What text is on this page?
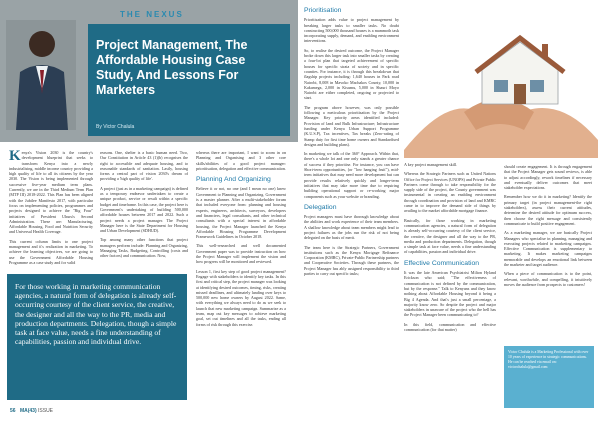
THE NEXUS
Project Management, The Affordable Housing Case Study, And Lessons For Marketers
By Victor Chalula

Kenya's Vision 2030 is the country's development blueprint that seeks to transform Kenya into a newly industrialising, middle income country providing a high quality of life to all its citizens by the year 2030. The Vision is being implemented through successive five-year medium term plans. Currently, we are in the Third Medium Term Plan (MTP III) 2018-2022. This Plan has been aligned with the Jubilee Manifesto 2017, with particular focus on implementing policies, programmes and projects designed to achieve the "Big Four" initiatives of President Uhuru's Second Administration. These are: Manufacturing, Affordable Housing, Food and Nutrition Security and Universal Health Coverage.

This current column limits to one project management and it's realization in marketing. To achieve the learning objectives, we are going to use the Government Affordable Housing Programme as a case study and for valid

reasons. One, shelter is a basic human need. Two, Our Constitution in Article 43 (1)(b) recognises the right to accessible and adequate housing, and to reasonable standards of sanitation. Lastly, housing forms a central part of vision 2030's dream of providing a 'high quality of life'.

A project (just as in a marketing campaign) is defined as a temporary endeavor undertaken to create a unique product, service or result within a specific budget and timeframe. In this case, the project here is Government's undertaking of building 500,000 affordable houses between 2017 and 2022. Such a project needs a project manager. The Project Manager here is the State Department for Housing and Urban Development (SDHUD).

Top among many other functions that project managers perform include: Planning and Organizing, Managing Tasks, Budgeting, Controlling (costs and other factors) and communication. Now,

whereas there are important, I want to zoom in on Planning and Organising and 3 other core skills/abilities of a good project manager: prioritisation, delegation and effective communication.

Planning And Organizing

Believe it or not, no one (and I mean no one) knew Government to Planning and Organizing. Government is a master planner. After a multi-stakeholder forum that included everyone from: planning and housing experts, engineers, architects, surveyors, developers and financiers, legal consultants, and other technical consultants with a special interest in affordable housing, the Project Manager launched the Kenya Affordable Housing Programme Development Framework Guidelines in October 2018.

This well-researched and well documented Government paper was to provide instruction on how the Project Manager will implement the vision and how progress will be monitored and reviewed.

Lesson 1, first key step of good project management? Engage with stakeholders to identify key tasks. In this first and critical step, the project manager was looking at identifying desired outcomes, timing, risks, creating missed deadlines, and ultimately landing over keys to 500,000 new home owners by August 2022. Same, with everything we always need to do as we seek to launch that new marketing campaign. Summarize as a team, map out key messages to achieve marketing goal, set out timelines and all the tasks, ending all forms of risk through this exercise.

For those working in marketing communication agencies, a natural form of delegation is already self-occurring courtesy of the client service, the creative, the designer and all the way to the PR, media and production departments. Delegation, though a simple task at face value, needs a fine understanding of capabilities, passion and individual drive.
56 MA(43) ISSUE
Prioritisation

Prioritisation adds value to project management by breaking larger tasks to smaller tasks. No doubt constructing 500,000 thousand houses is a mammoth task incorporating supply, demand, and enabling environment interventions.

So, to realise the desired outcome, the Project Manager broke down this larger task into smaller tasks by creating a four-lot plan that targeted achievement of specific houses for specific strata of society and in specific counties. For instance, it is through this breakdown that flagship projects including: 1,640 houses in Park road Nairobi, 8,008 in Mavoko Machakos County, 10,000 in Kakamega, 2,000 in Kisumu, 5,000 in Shauri Moyo Nairobi are either completed, ongoing or projected to start.

The program above however, was only possible following a meticulous prioritisation by the Project Manager. Key priority areas identified included: Provision of land and Bulk Infrastructure; Infrastructure funding under Kenya Urban Support Programme (K.U.S.P), Tax incentives, Tax breaks (Zero-rating of Stamp duty for first time home owners and Standardised designs and building plans).

In marketing we talk of the 360° Approach. Within that, there's a whole lot and one only stands a greater chance of success if they prioritise. For instance, you can have Short-term opportunities, (or "low hanging fruit"), mid-term initiatives that may need more development but can provide results relatively quickly and longer-term initiatives that may take more time due to requiring building operational support or re-working major components such as your website or branding.

Delegation

Project managers must have thorough knowledge about the abilities and work experience of their team members. A shallow knowledge about team members might lead to project failures as the jobs run the risk of not being delegated on the basis of merit.

The team here is the Strategic Partners, Government institutions such as the Kenya Mortgage Refinance Corporation (KMRC), Private-Public Partnership partners and Cooperative Societies. Through these partners, the Project Manager has ably assigned responsibility to third parties to carry out specific tasks;

A key project management skill.

Whereas the Strategic Partners such as United Nations Office for Project Services (UNOPS) and Private Public Partners come through to take responsibility for the supply side of the project, the County government was instrumental in creating an enabling environment through coordination and provision of land and KMRC came in to improve the demand side of things by availing to the market affordable mortgage finance.

Basically, for those working in marketing communication agencies, a natural form of delegation is already self-occurring courtesy of the client service, the creative, the designer and all the way to the PR, media and production departments. Delegation, though a simple task at face value, needs a fine understanding of capabilities, passion and individual drive.

Effective Communication

It was the late American Psychiatrist Milton Hyland Erickson who said; "The effectiveness of communication is not defined by the communication, but by the response." Talk to Kenyans and they know nothing about Affordable Housing beyond it being a Big 4 Agenda. And that's just a small percentage, a majority know zero. So despite the project and major stakeholders in unaware of the project who the hell has the Project Manager been communicating to?

In this field, communication and effective communication (for that matter)

should create engagement. It is through engagement that the Project Manager gets sound reviews, is able to adjust accordingly, rework timelines if necessary and eventually deliver outcomes that meet stakeholder expectations.

Remember how we do it in marketing? Identify the primary target (in project management-the right stakeholders), assess their current attitudes, determine the desired attitude for optimum success, then choose the right message and consistently communicate to build positive engagement.

As a marketing manager, we are basically Project Managers who specialise in planning, managing and executing projects related to marketing campaigns. Effective Communication is supplementary to marketing. It makes marketing campaigns memorable and develops an emotional link between the marketer and target audience.

When a piece of communication is to the point, relevant, worthwhile, and compelling, it intuitively moves the audience from prospects to customers!

Victor Chalula is a Marketing Professional with over 10 years of experience in strategic communications. He can be reached via email on: victorchalula@gmail.com
